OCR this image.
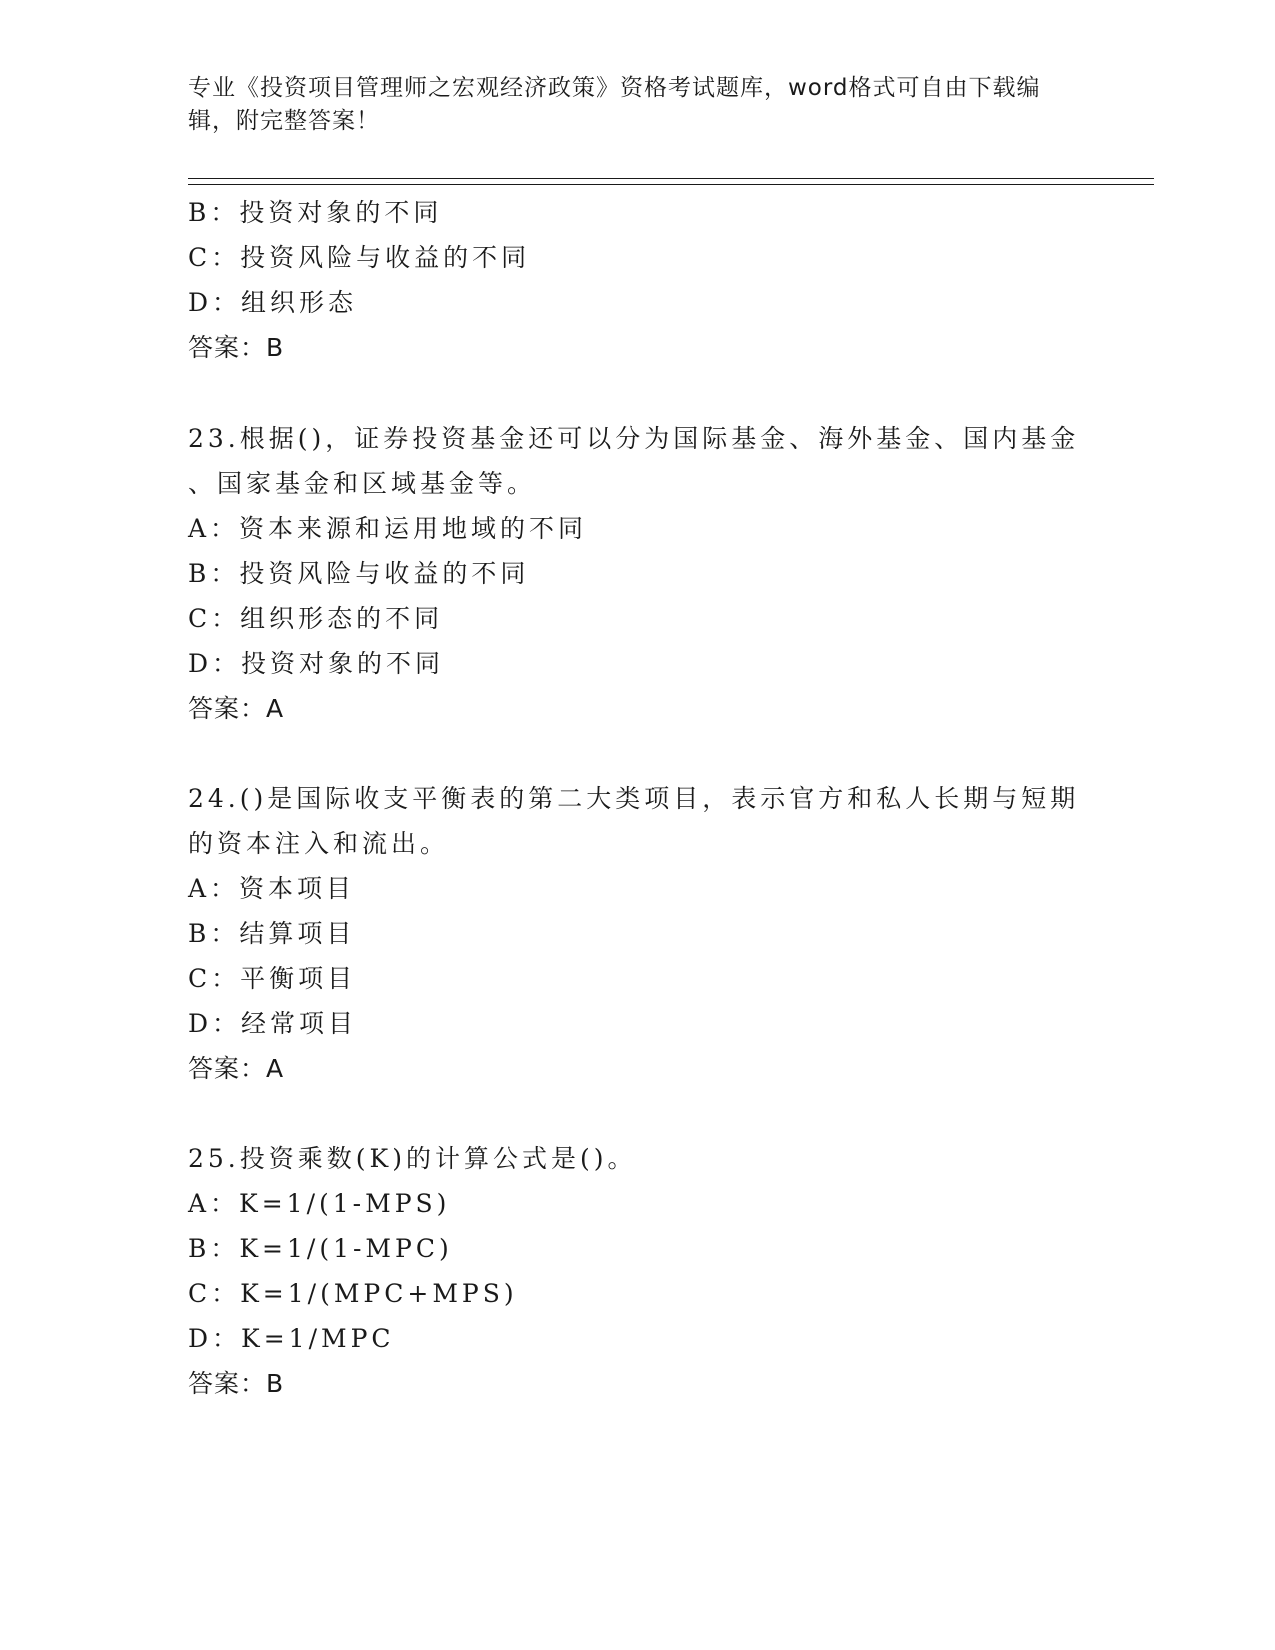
专业《投资项目管理师之宏观经济政策》资格考试题库，word格式可自由下载编
辑，附完整答案！
B：投资对象的不同
C：投资风险与收益的不同
D：组织形态
答案：B
23.根据()，证券投资基金还可以分为国际基金、海外基金、国内基金
、国家基金和区域基金等。
A：资本来源和运用地域的不同
B：投资风险与收益的不同
C：组织形态的不同
D：投资对象的不同
答案：A
24.()是国际收支平衡表的第二大类项目，表示官方和私人长期与短期
的资本注入和流出。
A：资本项目
B：结算项目
C：平衡项目
D：经常项目
答案：A
25.投资乘数(K)的计算公式是()。
A：K=1/(1-MPS)
B：K=1/(1-MPC)
C：K=1/(MPC+MPS)
D：K=1/MPC
答案：B
